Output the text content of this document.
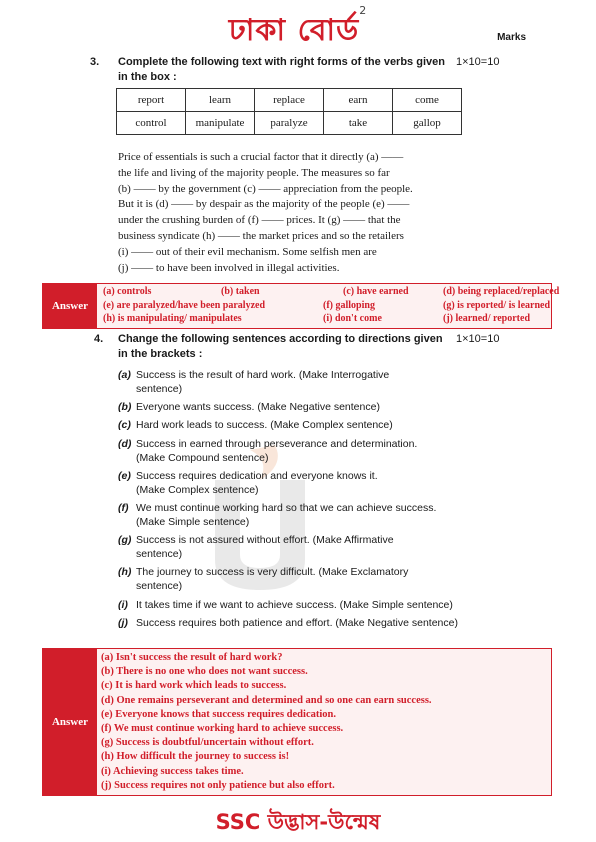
ঢাকা বোর্ড$^2$
Marks
3. Complete the following text with right forms of the verbs given in the box :
1×10=10
report	learn	replace	earn	come
control	manipulate	paralyze	take	gallop
Price of essentials is such a crucial factor that it directly (a) ——
the life and living of the majority people. The measures so far
(b) —— by the government (c) —— appreciation from the people.
But it is (d) —— by despair as the majority of the people (e) ——
under the crushing burden of (f) —— prices. It (g) —— that the
business syndicate (h) —— the market prices and so the retailers
(i) —— out of their evil mechanism. Some selfish men are
(j) —— to have been involved in illegal activities.
Answer
(a) controls	(b) taken	(c) have earned	(d) being replaced/replaced
(e) are paralyzed/have been paralyzed	(f) galloping	(g) is reported/ is learned
(h) is manipulating/ manipulates	(i) don't come	(j) learned/ reported
4. Change the following sentences according to directions given in the brackets :
1×10=10
(a) Success is the result of hard work. (Make Interrogative
sentence)
(b) Everyone wants success. (Make Negative sentence)
(c) Hard work leads to success. (Make Complex sentence)
(d) Success in earned through perseverance and determination.
(Make Compound sentence)
(e) Success requires dedication and everyone knows it.
(Make Complex sentence)
(f) We must continue working hard so that we can achieve success.
(Make Simple sentence)
(g) Success is not assured without effort. (Make Affirmative
sentence)
(h) The journey to success is very difficult. (Make Exclamatory
sentence)
(i) It takes time if we want to achieve success. (Make Simple sentence)
(j) Success requires both patience and effort. (Make Negative sentence)
Answer
(a) Isn't success the result of hard work?
(b) There is no one who does not want success.
(c) It is hard work which leads to success.
(d) One remains perseverant and determined and so one can earn success.
(e) Everyone knows that success requires dedication.
(f) We must continue working hard to achieve success.
(g) Success is doubtful/uncertain without effort.
(h) How difficult the journey to success is!
(i) Achieving success takes time.
(j) Success requires not only patience but also effort.
SSC উদ্ভাস-উন্মেষ
